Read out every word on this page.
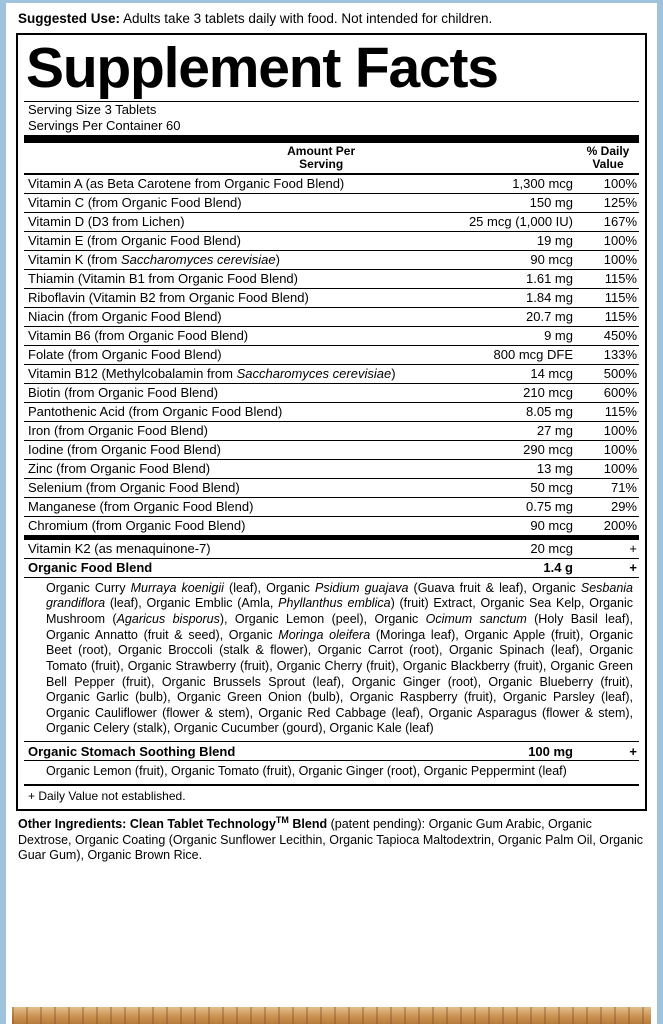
Suggested Use: Adults take 3 tablets daily with food. Not intended for children.
Supplement Facts
Serving Size 3 Tablets
Servings Per Container 60
	Amount Per
Serving	% Daily
Value
Vitamin A (as Beta Carotene from Organic Food Blend)	1,300 mcg	100%
Vitamin C (from Organic Food Blend)	150 mg	125%
Vitamin D (D3 from Lichen)	25 mcg (1,000 IU)	167%
Vitamin E (from Organic Food Blend)	19 mg	100%
Vitamin K (from Saccharomyces cerevisiae)	90 mcg	100%
Thiamin (Vitamin B1 from Organic Food Blend)	1.61 mg	115%
Riboflavin (Vitamin B2 from Organic Food Blend)	1.84 mg	115%
Niacin (from Organic Food Blend)	20.7 mg	115%
Vitamin B6 (from Organic Food Blend)	9 mg	450%
Folate (from Organic Food Blend)	800 mcg DFE	133%
Vitamin B12 (Methylcobalamin from Saccharomyces cerevisiae)	14 mcg	500%
Biotin (from Organic Food Blend)	210 mcg	600%
Pantothenic Acid (from Organic Food Blend)	8.05 mg	115%
Iron (from Organic Food Blend)	27 mg	100%
Iodine (from Organic Food Blend)	290 mcg	100%
Zinc (from Organic Food Blend)	13 mg	100%
Selenium (from Organic Food Blend)	50 mcg	71%
Manganese (from Organic Food Blend)	0.75 mg	29%
Chromium (from Organic Food Blend)	90 mcg	200%
Vitamin K2 (as menaquinone-7)	20 mcg	+
Organic Food Blend	1.4 g	+
Organic Curry Murraya koenigii (leaf), Organic Psidium guajava (Guava fruit & leaf), Organic Sesbania grandiflora (leaf), Organic Emblic (Amla, Phyllanthus emblica) (fruit) Extract, Organic Sea Kelp, Organic Mushroom (Agaricus bisporus), Organic Lemon (peel), Organic Ocimum sanctum (Holy Basil leaf), Organic Annatto (fruit & seed), Organic Moringa oleifera (Moringa leaf), Organic Apple (fruit), Organic Beet (root), Organic Broccoli (stalk & flower), Organic Carrot (root), Organic Spinach (leaf), Organic Tomato (fruit), Organic Strawberry (fruit), Organic Cherry (fruit), Organic Blackberry (fruit), Organic Green Bell Pepper (fruit), Organic Brussels Sprout (leaf), Organic Ginger (root), Organic Blueberry (fruit), Organic Garlic (bulb), Organic Green Onion (bulb), Organic Raspberry (fruit), Organic Parsley (leaf), Organic Cauliflower (flower & stem), Organic Red Cabbage (leaf), Organic Asparagus (flower & stem), Organic Celery (stalk), Organic Cucumber (gourd), Organic Kale (leaf)
Organic Stomach Soothing Blend	100 mg	+
Organic Lemon (fruit), Organic Tomato (fruit), Organic Ginger (root), Organic Peppermint (leaf)
+ Daily Value not established.
Other Ingredients: Clean Tablet Technology™ Blend (patent pending): Organic Gum Arabic, Organic Dextrose, Organic Coating (Organic Sunflower Lecithin, Organic Tapioca Maltodextrin, Organic Palm Oil, Organic Guar Gum), Organic Brown Rice.
